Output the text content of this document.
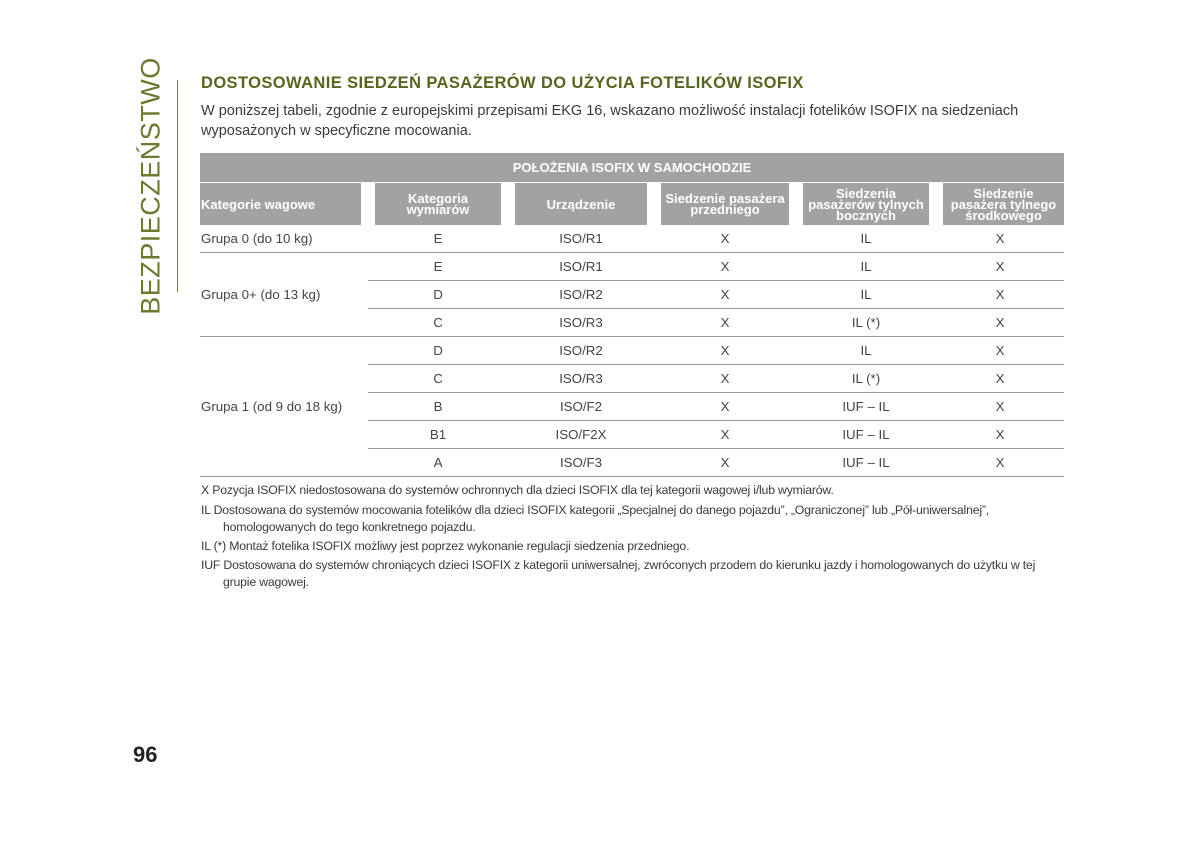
BEZPIECZEŃSTWO DOSTOSOWANIE SIEDZEŃ PASAŻERÓW DO UŻYCIA FOTELIKÓW ISOFIX

W poniższej tabeli, zgodnie z europejskimi przepisami EKG 16, wskazano możliwość instalacji fotelików ISOFIX na siedzeniach wyposażonych w specyficzne mocowania.

POŁOŻENIA ISOFIX W SAMOCHODZIE					
Kategorie wagowe	Kategoria wymiarów	Urządzenie	Siedzenie pasażera przedniego	Siedzenia pasażerów tylnych bocznych	Siedzenie pasażera tylnego środkowego
Grupa 0 (do 10 kg)	E	ISO/R1	X	IL	X
Grupa 0+ (do 13 kg)	E	ISO/R1	X	IL	X
	D	ISO/R2	X	IL	X
	C	ISO/R3	X	IL (*)	X
Grupa 1 (od 9 do 18 kg)	D	ISO/R2	X	IL	X
	C	ISO/R3	X	IL (*)	X
	B	ISO/F2	X	IUF – IL	X
	B1	ISO/F2X	X	IUF – IL	X
	A	ISO/F3	X	IUF – IL	X

X Pozycja ISOFIX niedostosowana do systemów ochronnych dla dzieci ISOFIX dla tej kategorii wagowej i/lub wymiarów.

IL Dostosowana do systemów mocowania fotelików dla dzieci ISOFIX kategorii „Specjalnej do danego pojazdu”, „Ograniczonej” lub „Pół-uniwersalnej”, homologowanych do tego konkretnego pojazdu.

IL (*) Montaż fotelika ISOFIX możliwy jest poprzez wykonanie regulacji siedzenia przedniego.

IUF Dostosowana do systemów chroniących dzieci ISOFIX z kategorii uniwersalnej, zwróconych przodem do kierunku jazdy i homologowanych do użytku w tej grupie wagowej.

96
